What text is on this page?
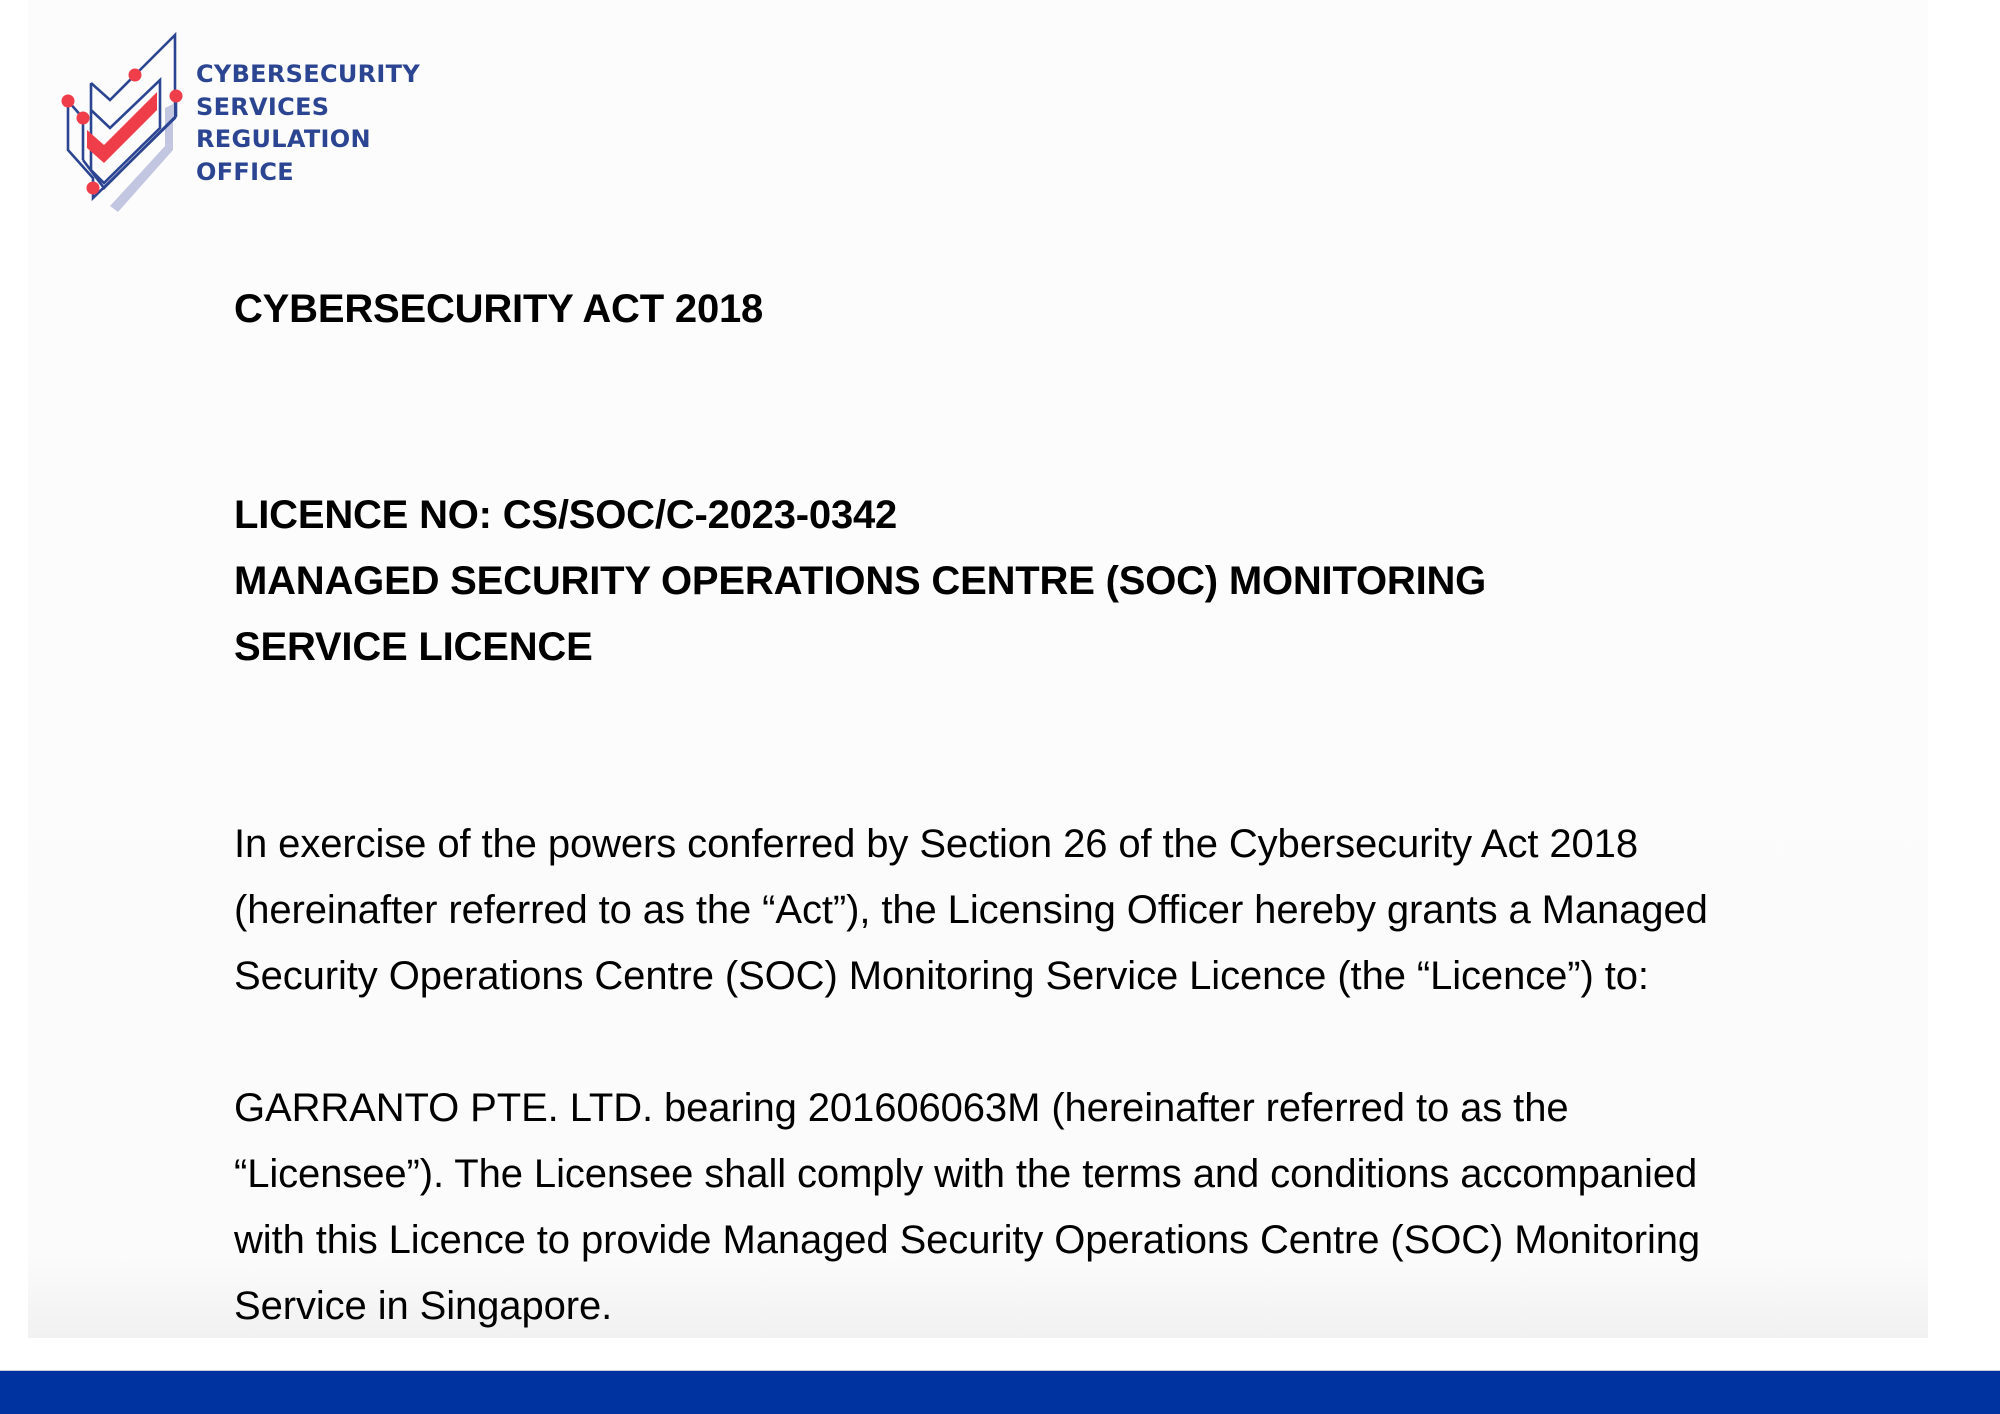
CYBERSECURITY
SERVICES
REGULATION
OFFICE
CYBERSECURITY ACT 2018
LICENCE NO: CS/SOC/C-2023-0342
MANAGED SECURITY OPERATIONS CENTRE (SOC) MONITORING
SERVICE LICENCE
In exercise of the powers conferred by Section 26 of the Cybersecurity Act 2018
(hereinafter referred to as the “Act”), the Licensing Officer hereby grants a Managed
Security Operations Centre (SOC) Monitoring Service Licence (the “Licence”) to:
GARRANTO PTE. LTD. bearing 201606063M (hereinafter referred to as the
“Licensee”). The Licensee shall comply with the terms and conditions accompanied
with this Licence to provide Managed Security Operations Centre (SOC) Monitoring
Service in Singapore.
